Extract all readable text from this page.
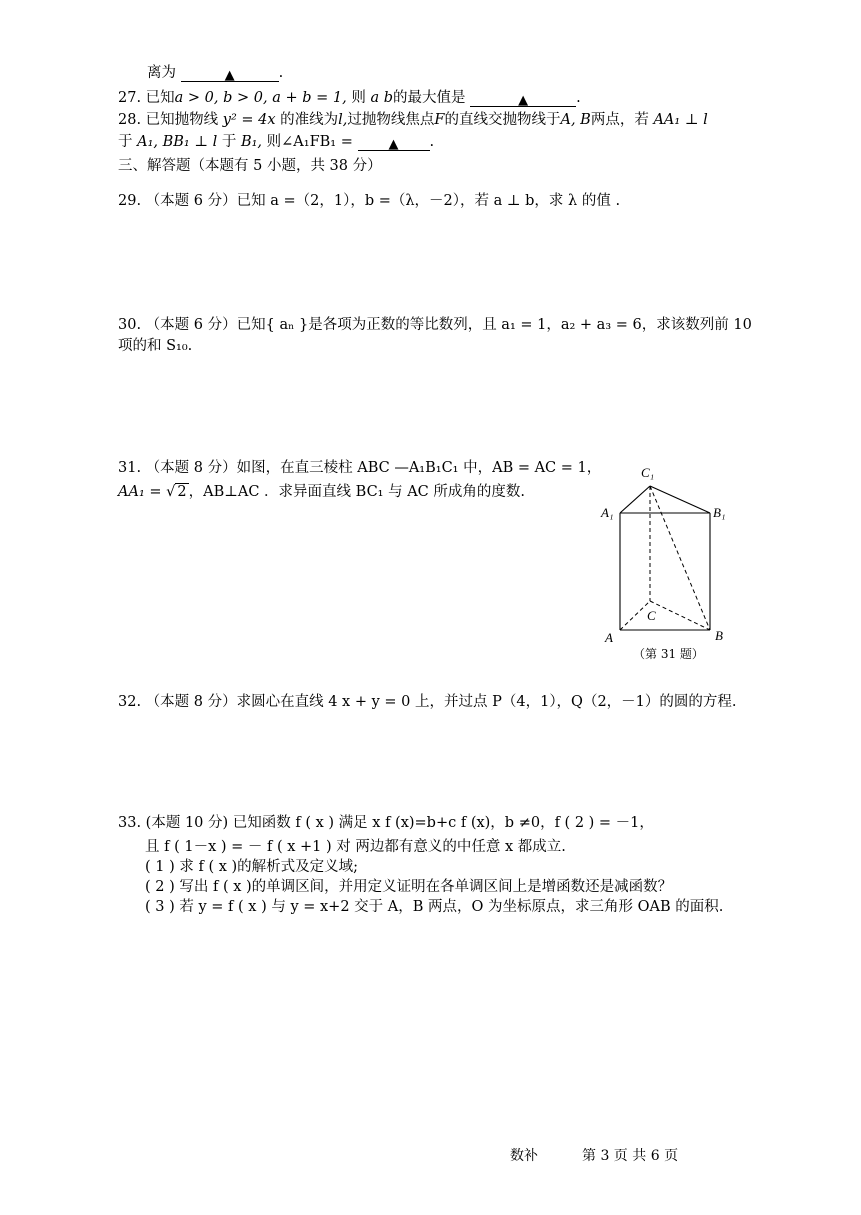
离为	▲	.
27. 已知a > 0, b > 0, a + b = 1, 则 a b的最大值是	▲	.
28. 已知抛物线 y² = 4x 的准线为l,过抛物线焦点F的直线交抛物线于A, B两点，若 AA₁ ⊥ l
于 A₁, BB₁ ⊥ l 于 B₁, 则∠A₁FB₁ =	▲ .
三、解答题（本题有 5 小题，共 38 分）
29. （本题 6 分）已知 a =（2，1），b =（λ，－2），若 a ⊥ b，求 λ 的值 .
30. （本题 6 分）已知{ aₙ }是各项为正数的等比数列，且 a₁ = 1，a₂ + a₃ = 6，求该数列前 10
项的和 S₁₀.
31. （本题 8 分）如图，在直三棱柱 ABC —A₁B₁C₁ 中，AB = AC = 1，
AA₁ = √ 2 ，AB⊥AC ．求异面直线 BC₁ 与 AC 所成角的度数.
C₁
A₁	B₁
A	B
C
（第 31 题）
32. （本题 8 分）求圆心在直线 4 x + y = 0 上，并过点 P（4，1），Q（2，－1）的圆的方程.
33. (本题 10 分) 已知函数 f ( x ) 满足 x f (x)=b+c f (x)，b ≠0，f ( 2 ) = －1，
且 f ( 1－x ) = － f ( x +1 ) 对 两边都有意义的中任意 x 都成立.
( 1 ) 求 f ( x )的解析式及定义域;
( 2 ) 写出 f ( x )的单调区间，并用定义证明在各单调区间上是增函数还是减函数？
( 3 ) 若 y = f ( x ) 与 y = x+2 交于 A，B 两点，O 为坐标原点，求三角形 OAB 的面积.
数补	第 3 页 共 6 页
